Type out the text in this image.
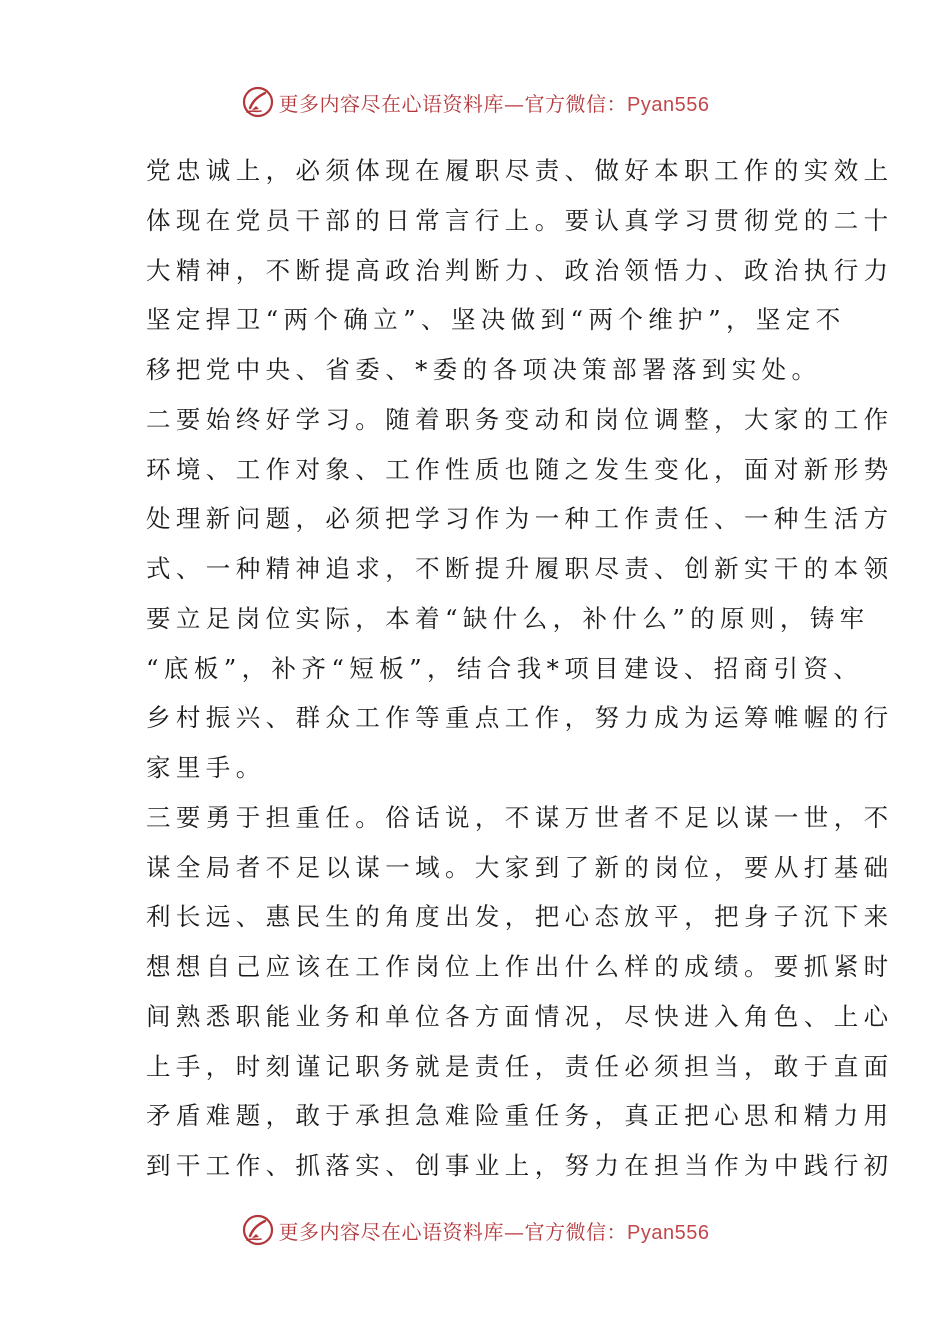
更多内容尽在心语资料库—官方微信：Pyan556
党忠诚上，必须体现在履职尽责、做好本职工作的实效上
体现在党员干部的日常言行上。要认真学习贯彻党的二十
大精神，不断提高政治判断力、政治领悟力、政治执行力
坚定捍卫“两个确立”、坚决做到“两个维护”，坚定不
移把党中央、省委、*委的各项决策部署落到实处。
二要始终好学习。随着职务变动和岗位调整，大家的工作
环境、工作对象、工作性质也随之发生变化，面对新形势
处理新问题，必须把学习作为一种工作责任、一种生活方
式、一种精神追求，不断提升履职尽责、创新实干的本领
要立足岗位实际，本着“缺什么，补什么”的原则，铸牢
“底板”，补齐“短板”，结合我*项目建设、招商引资、
乡村振兴、群众工作等重点工作，努力成为运筹帷幄的行
家里手。
三要勇于担重任。俗话说，不谋万世者不足以谋一世，不
谋全局者不足以谋一域。大家到了新的岗位，要从打基础
利长远、惠民生的角度出发，把心态放平，把身子沉下来
想想自己应该在工作岗位上作出什么样的成绩。要抓紧时
间熟悉职能业务和单位各方面情况，尽快进入角色、上心
上手，时刻谨记职务就是责任，责任必须担当，敢于直面
矛盾难题，敢于承担急难险重任务，真正把心思和精力用
到干工作、抓落实、创事业上，努力在担当作为中践行初
更多内容尽在心语资料库—官方微信：Pyan556
